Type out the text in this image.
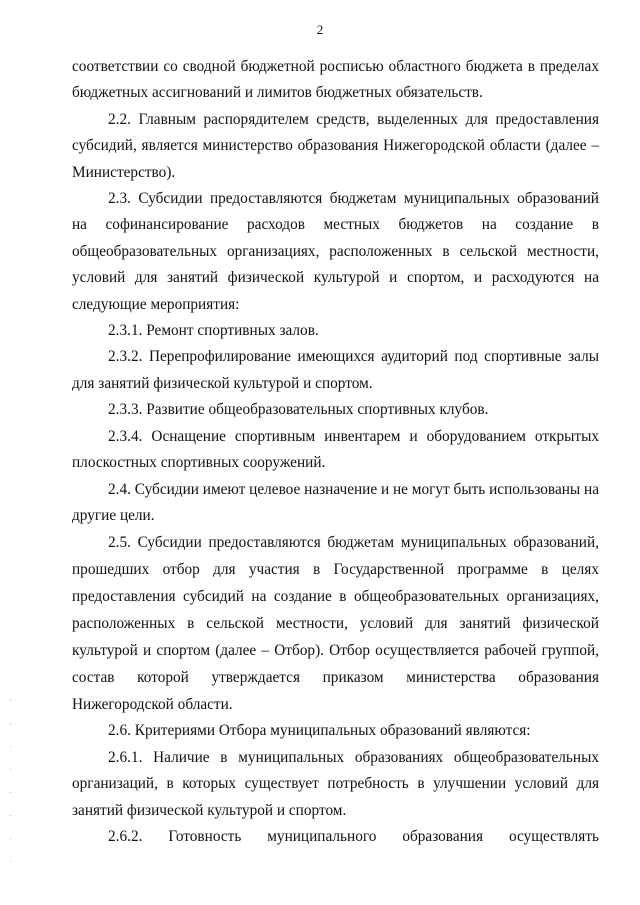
2

соответствии со сводной бюджетной росписью областного бюджета в пределах бюджетных ассигнований и лимитов бюджетных обязательств.

2.2. Главным распорядителем средств, выделенных для предоставления субсидий, является министерство образования Нижегородской области (далее – Министерство).

2.3. Субсидии предоставляются бюджетам муниципальных образований на софинансирование расходов местных бюджетов на создание в общеобразовательных организациях, расположенных в сельской местности, условий для занятий физической культурой и спортом, и расходуются на следующие мероприятия:

2.3.1. Ремонт спортивных залов.

2.3.2. Перепрофилирование имеющихся аудиторий под спортивные залы для занятий физической культурой и спортом.

2.3.3. Развитие общеобразовательных спортивных клубов.

2.3.4. Оснащение спортивным инвентарем и оборудованием открытых плоскостных спортивных сооружений.

2.4. Субсидии имеют целевое назначение и не могут быть использованы на другие цели.

2.5. Субсидии предоставляются бюджетам муниципальных образований, прошедших отбор для участия в Государственной программе в целях предоставления субсидий на создание в общеобразовательных организациях, расположенных в сельской местности, условий для занятий физической культурой и спортом (далее – Отбор). Отбор осуществляется рабочей группой, состав которой утверждается приказом министерства образования Нижегородской области.

2.6. Критериями Отбора муниципальных образований являются:

2.6.1. Наличие в муниципальных образованиях общеобразовательных организаций, в которых существует потребность в улучшении условий для занятий физической культурой и спортом.

2.6.2. Готовность муниципального образования осуществлять
